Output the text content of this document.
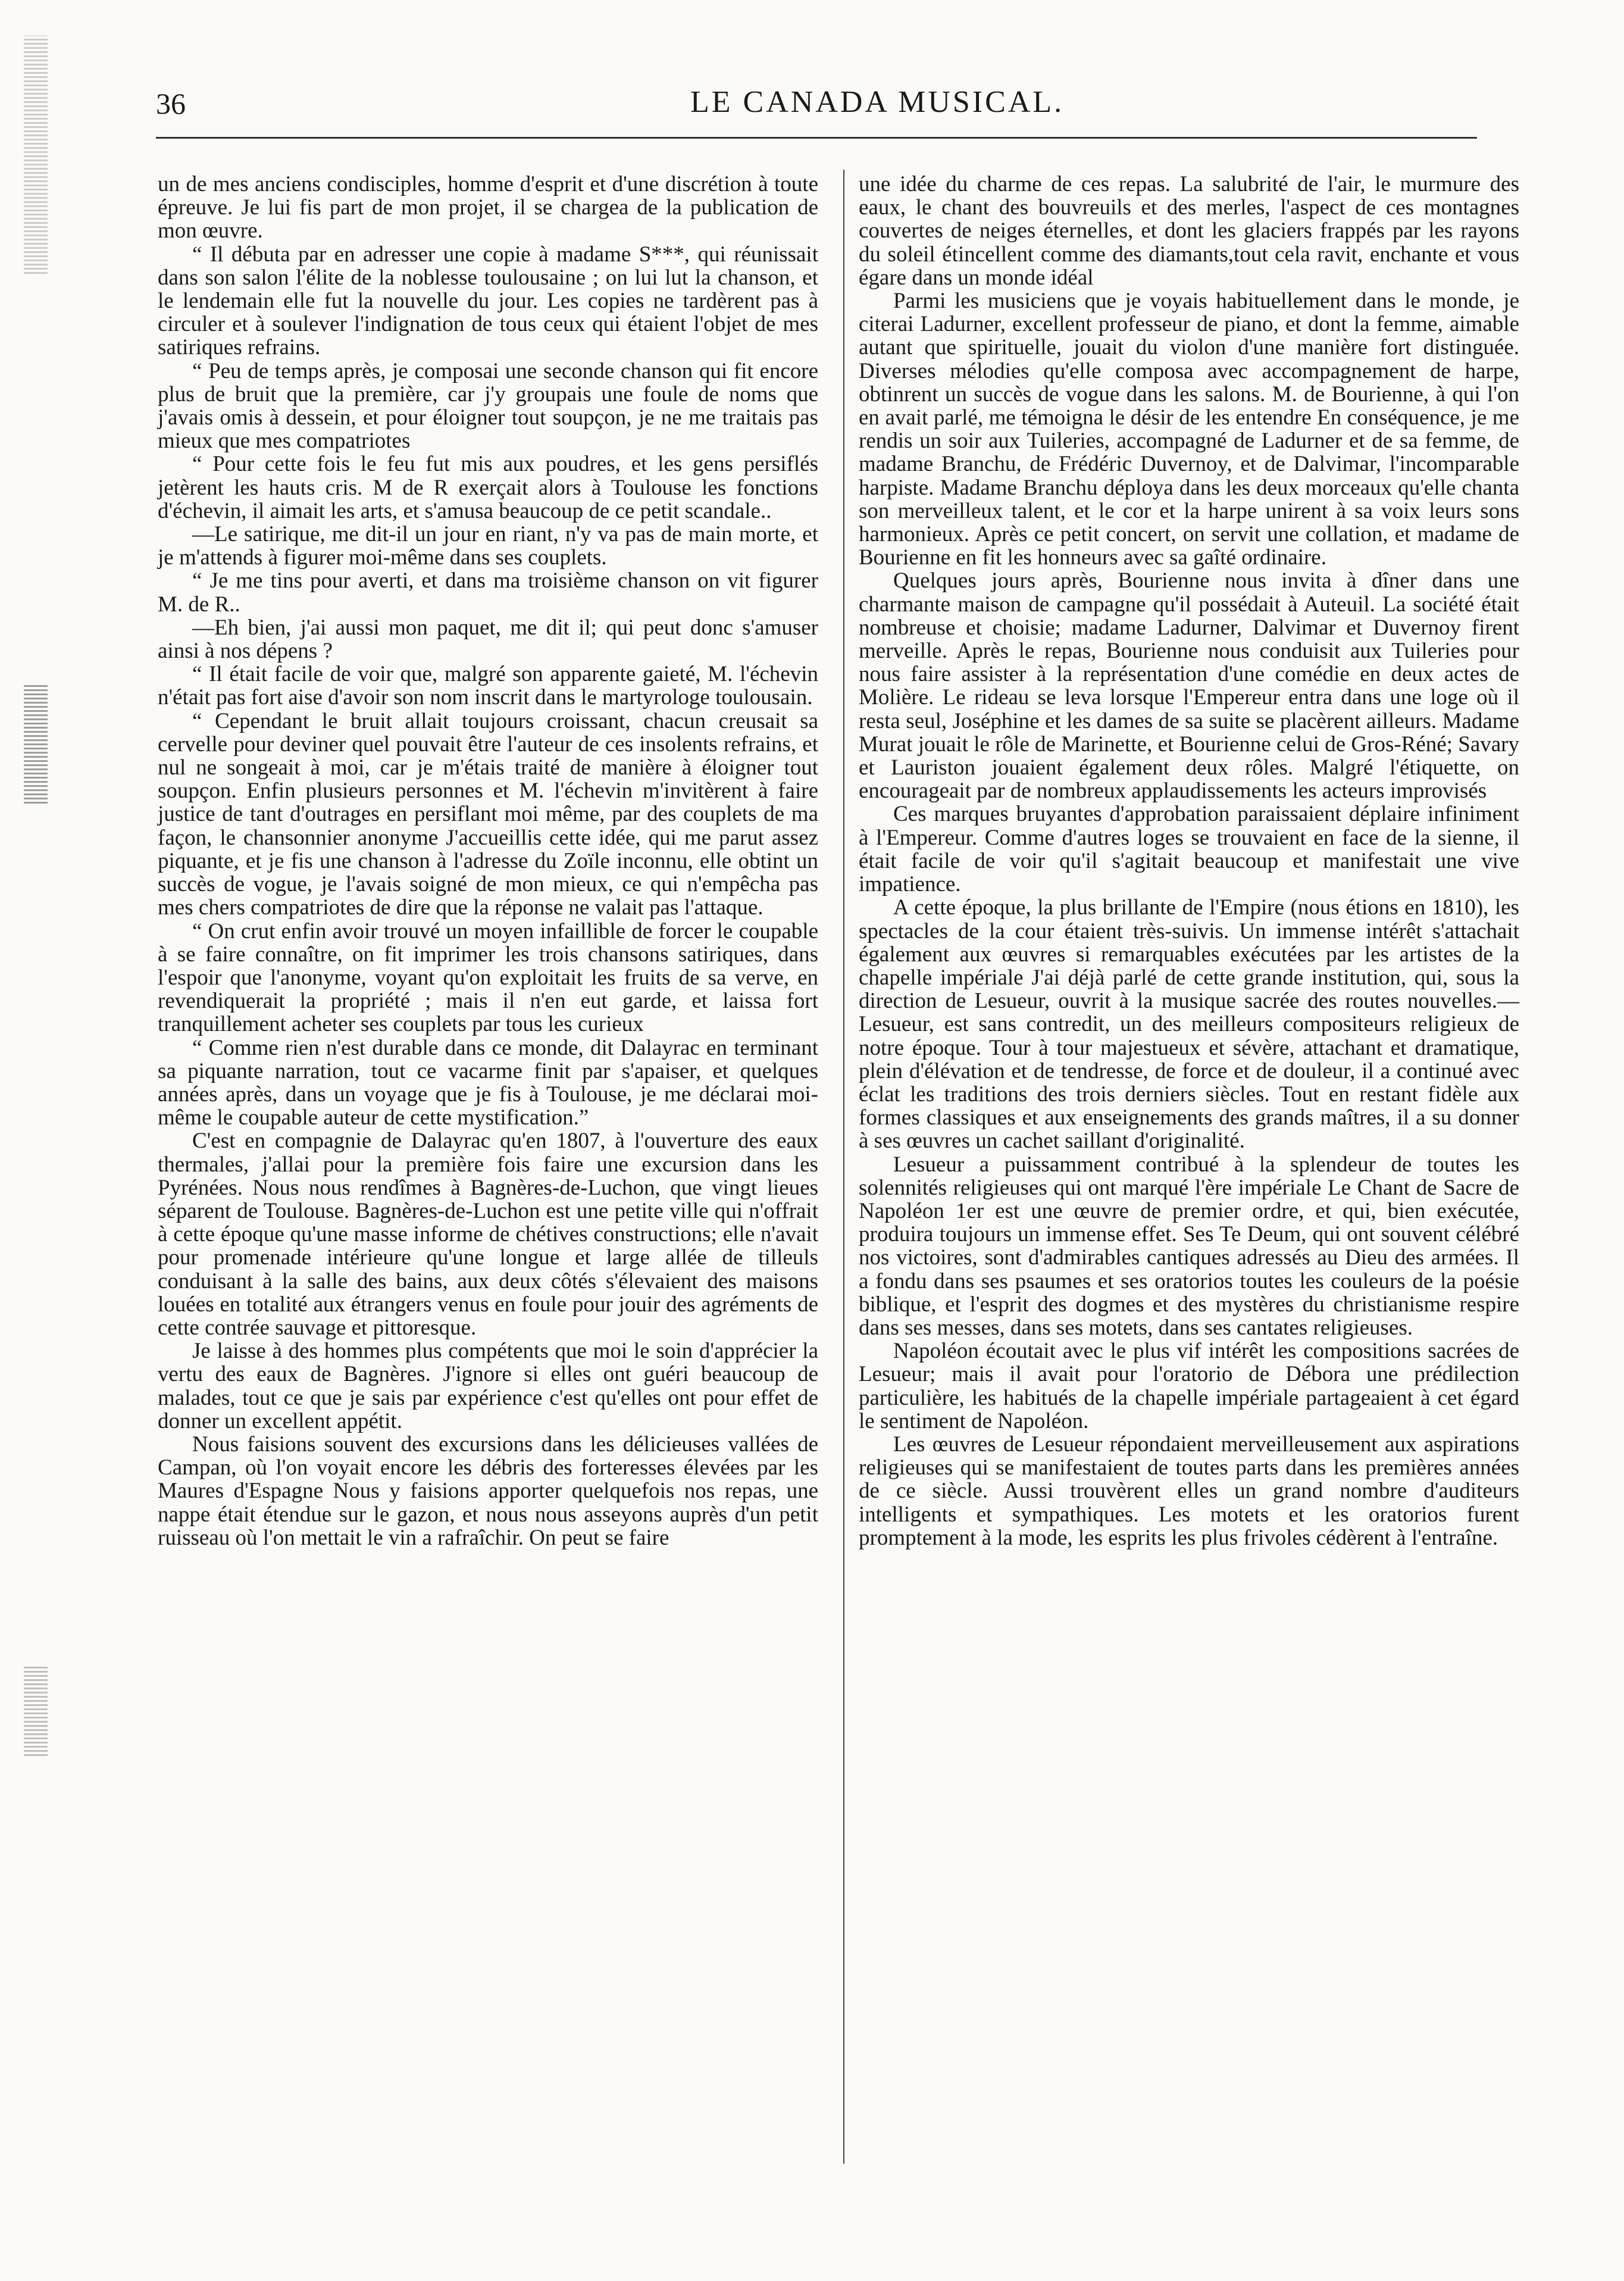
36	LE CANADA MUSICAL.

un de mes anciens condisciples, homme d'esprit et d'une discrétion à toute épreuve. Je lui fis part de mon projet, il se chargea de la publication de mon œuvre.

“ Il débuta par en adresser une copie à madame S***, qui réunissait dans son salon l'élite de la noblesse toulousaine ; on lui lut la chanson, et le lendemain elle fut la nouvelle du jour. Les copies ne tardèrent pas à circuler et à soulever l'indignation de tous ceux qui étaient l'objet de mes satiriques refrains.

“ Peu de temps après, je composai une seconde chanson qui fit encore plus de bruit que la première, car j'y groupais une foule de noms que j'avais omis à dessein, et pour éloigner tout soupçon, je ne me traitais pas mieux que mes compatriotes

“ Pour cette fois le feu fut mis aux poudres, et les gens persiflés jetèrent les hauts cris. M de R exerçait alors à Toulouse les fonctions d'échevin, il aimait les arts, et s'amusa beaucoup de ce petit scandale..

—Le satirique, me dit-il un jour en riant, n'y va pas de main morte, et je m'attends à figurer moi-même dans ses couplets.

“ Je me tins pour averti, et dans ma troisième chanson on vit figurer M. de R..

—Eh bien, j'ai aussi mon paquet, me dit il; qui peut donc s'amuser ainsi à nos dépens ?

“ Il était facile de voir que, malgré son apparente gaieté, M. l'échevin n'était pas fort aise d'avoir son nom inscrit dans le martyrologe toulousain.

“ Cependant le bruit allait toujours croissant, chacun creusait sa cervelle pour deviner quel pouvait être l'auteur de ces insolents refrains, et nul ne songeait à moi, car je m'étais traité de manière à éloigner tout soupçon. Enfin plusieurs personnes et M. l'échevin m'invitèrent à faire justice de tant d'outrages en persiflant moi même, par des couplets de ma façon, le chansonnier anonyme J'accueillis cette idée, qui me parut assez piquante, et je fis une chanson à l'adresse du Zoïle inconnu, elle obtint un succès de vogue, je l'avais soigné de mon mieux, ce qui n'empêcha pas mes chers compatriotes de dire que la réponse ne valait pas l'attaque.

“ On crut enfin avoir trouvé un moyen infaillible de forcer le coupable à se faire connaître, on fit imprimer les trois chansons satiriques, dans l'espoir que l'anonyme, voyant qu'on exploitait les fruits de sa verve, en revendiquerait la propriété ; mais il n'en eut garde, et laissa fort tranquillement acheter ses couplets par tous les curieux

“ Comme rien n'est durable dans ce monde, dit Dalayrac en terminant sa piquante narration, tout ce vacarme finit par s'apaiser, et quelques années après, dans un voyage que je fis à Toulouse, je me déclarai moi-même le coupable auteur de cette mystification.”

C'est en compagnie de Dalayrac qu'en 1807, à l'ouverture des eaux thermales, j'allai pour la première fois faire une excursion dans les Pyrénées. Nous nous rendîmes à Bagnères-de-Luchon, que vingt lieues séparent de Toulouse. Bagnères-de-Luchon est une petite ville qui n'offrait à cette époque qu'une masse informe de chétives constructions; elle n'avait pour promenade intérieure qu'une longue et large allée de tilleuls conduisant à la salle des bains, aux deux côtés s'élevaient des maisons louées en totalité aux étrangers venus en foule pour jouir des agréments de cette contrée sauvage et pittoresque.

Je laisse à des hommes plus compétents que moi le soin d'apprécier la vertu des eaux de Bagnères. J'ignore si elles ont guéri beaucoup de malades, tout ce que je sais par expérience c'est qu'elles ont pour effet de donner un excellent appétit.

Nous faisions souvent des excursions dans les délicieuses vallées de Campan, où l'on voyait encore les débris des forteresses élevées par les Maures d'Espagne Nous y faisions apporter quelquefois nos repas, une nappe était étendue sur le gazon, et nous nous asseyons auprès d'un petit ruisseau où l'on mettait le vin a rafraîchir. On peut se faire

une idée du charme de ces repas. La salubrité de l'air, le murmure des eaux, le chant des bouvreuils et des merles, l'aspect de ces montagnes couvertes de neiges éternelles, et dont les glaciers frappés par les rayons du soleil étincellent comme des diamants,tout cela ravit, enchante et vous égare dans un monde idéal

Parmi les musiciens que je voyais habituellement dans le monde, je citerai Ladurner, excellent professeur de piano, et dont la femme, aimable autant que spirituelle, jouait du violon d'une manière fort distinguée. Diverses mélodies qu'elle composa avec accompagnement de harpe, obtinrent un succès de vogue dans les salons. M. de Bourienne, à qui l'on en avait parlé, me témoigna le désir de les entendre En conséquence, je me rendis un soir aux Tuileries, accompagné de Ladurner et de sa femme, de madame Branchu, de Frédéric Duvernoy, et de Dalvimar, l'incomparable harpiste. Madame Branchu déploya dans les deux morceaux qu'elle chanta son merveilleux talent, et le cor et la harpe unirent à sa voix leurs sons harmonieux. Après ce petit concert, on servit une collation, et madame de Bourienne en fit les honneurs avec sa gaîté ordinaire.

Quelques jours après, Bourienne nous invita à dîner dans une charmante maison de campagne qu'il possédait à Auteuil. La société était nombreuse et choisie; madame Ladurner, Dalvimar et Duvernoy firent merveille. Après le repas, Bourienne nous conduisit aux Tuileries pour nous faire assister à la représentation d'une comédie en deux actes de Molière. Le rideau se leva lorsque l'Empereur entra dans une loge où il resta seul, Joséphine et les dames de sa suite se placèrent ailleurs. Madame Murat jouait le rôle de Marinette, et Bourienne celui de Gros-Réné; Savary et Lauriston jouaient également deux rôles. Malgré l'étiquette, on encourageait par de nombreux applaudissements les acteurs improvisés

Ces marques bruyantes d'approbation paraissaient déplaire infiniment à l'Empereur. Comme d'autres loges se trouvaient en face de la sienne, il était facile de voir qu'il s'agitait beaucoup et manifestait une vive impatience.

A cette époque, la plus brillante de l'Empire (nous étions en 1810), les spectacles de la cour étaient très-suivis. Un immense intérêt s'attachait également aux œuvres si remarquables exécutées par les artistes de la chapelle impériale J'ai déjà parlé de cette grande institution, qui, sous la direction de Lesueur, ouvrit à la musique sacrée des routes nouvelles.—Lesueur, est sans contredit, un des meilleurs compositeurs religieux de notre époque. Tour à tour majestueux et sévère, attachant et dramatique, plein d'élévation et de tendresse, de force et de douleur, il a continué avec éclat les traditions des trois derniers siècles. Tout en restant fidèle aux formes classiques et aux enseignements des grands maîtres, il a su donner à ses œuvres un cachet saillant d'originalité.

Lesueur a puissamment contribué à la splendeur de toutes les solennités religieuses qui ont marqué l'ère impériale Le Chant de Sacre de Napoléon 1er est une œuvre de premier ordre, et qui, bien exécutée, produira toujours un immense effet. Ses Te Deum, qui ont souvent célébré nos victoires, sont d'admirables cantiques adressés au Dieu des armées. Il a fondu dans ses psaumes et ses oratorios toutes les couleurs de la poésie biblique, et l'esprit des dogmes et des mystères du christianisme respire dans ses messes, dans ses motets, dans ses cantates religieuses.

Napoléon écoutait avec le plus vif intérêt les compositions sacrées de Lesueur; mais il avait pour l'oratorio de Débora une prédilection particulière, les habitués de la chapelle impériale partageaient à cet égard le sentiment de Napoléon.

Les œuvres de Lesueur répondaient merveilleusement aux aspirations religieuses qui se manifestaient de toutes parts dans les premières années de ce siècle. Aussi trouvèrent elles un grand nombre d'auditeurs intelligents et sympathiques. Les motets et les oratorios furent promptement à la mode, les esprits les plus frivoles cédèrent à l'entraîne.
